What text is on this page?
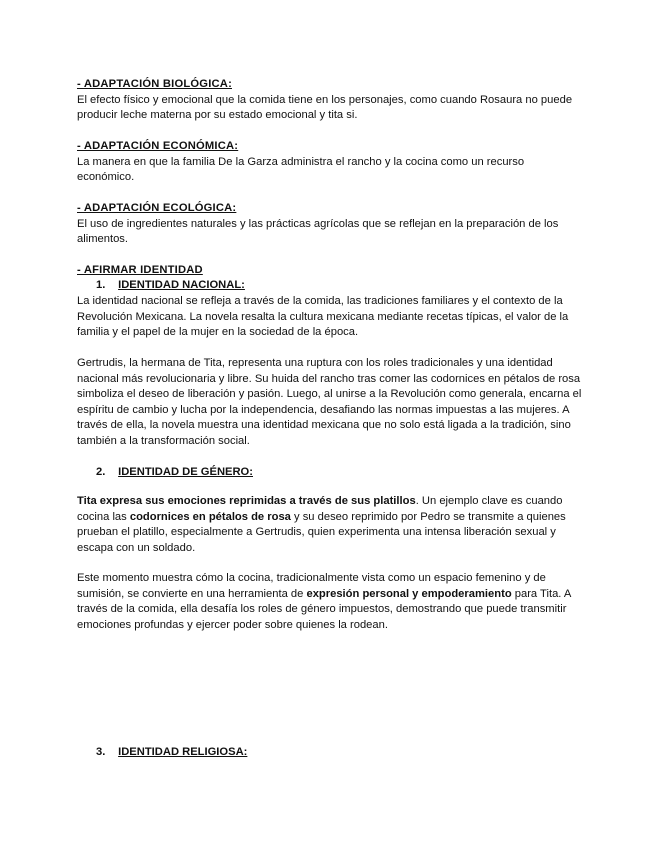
- ADAPTACIÓN BIOLÓGICA:

El efecto físico y emocional que la comida tiene en los personajes, como cuando Rosaura no puede producir leche materna por su estado emocional y tita si.

- ADAPTACIÓN ECONÓMICA:

La manera en que la familia De la Garza administra el rancho y la cocina como un recurso económico.

- ADAPTACIÓN ECOLÓGICA:

El uso de ingredientes naturales y las prácticas agrícolas que se reflejan en la preparación de los alimentos.

- AFIRMAR IDENTIDAD
1. IDENTIDAD NACIONAL:

La identidad nacional se refleja a través de la comida, las tradiciones familiares y el contexto de la Revolución Mexicana. La novela resalta la cultura mexicana mediante recetas típicas, el valor de la familia y el papel de la mujer en la sociedad de la época.

Gertrudis, la hermana de Tita, representa una ruptura con los roles tradicionales y una identidad nacional más revolucionaria y libre. Su huida del rancho tras comer las codornices en pétalos de rosa simboliza el deseo de liberación y pasión. Luego, al unirse a la Revolución como generala, encarna el espíritu de cambio y lucha por la independencia, desafiando las normas impuestas a las mujeres. A través de ella, la novela muestra una identidad mexicana que no solo está ligada a la tradición, sino también a la transformación social.

2. IDENTIDAD DE GÉNERO:

Tita expresa sus emociones reprimidas a través de sus platillos. Un ejemplo clave es cuando cocina las codornices en pétalos de rosa y su deseo reprimido por Pedro se transmite a quienes prueban el platillo, especialmente a Gertrudis, quien experimenta una intensa liberación sexual y escapa con un soldado.

Este momento muestra cómo la cocina, tradicionalmente vista como un espacio femenino y de sumisión, se convierte en una herramienta de expresión personal y empoderamiento para Tita. A través de la comida, ella desafía los roles de género impuestos, demostrando que puede transmitir emociones profundas y ejercer poder sobre quienes la rodean.

3. IDENTIDAD RELIGIOSA:
